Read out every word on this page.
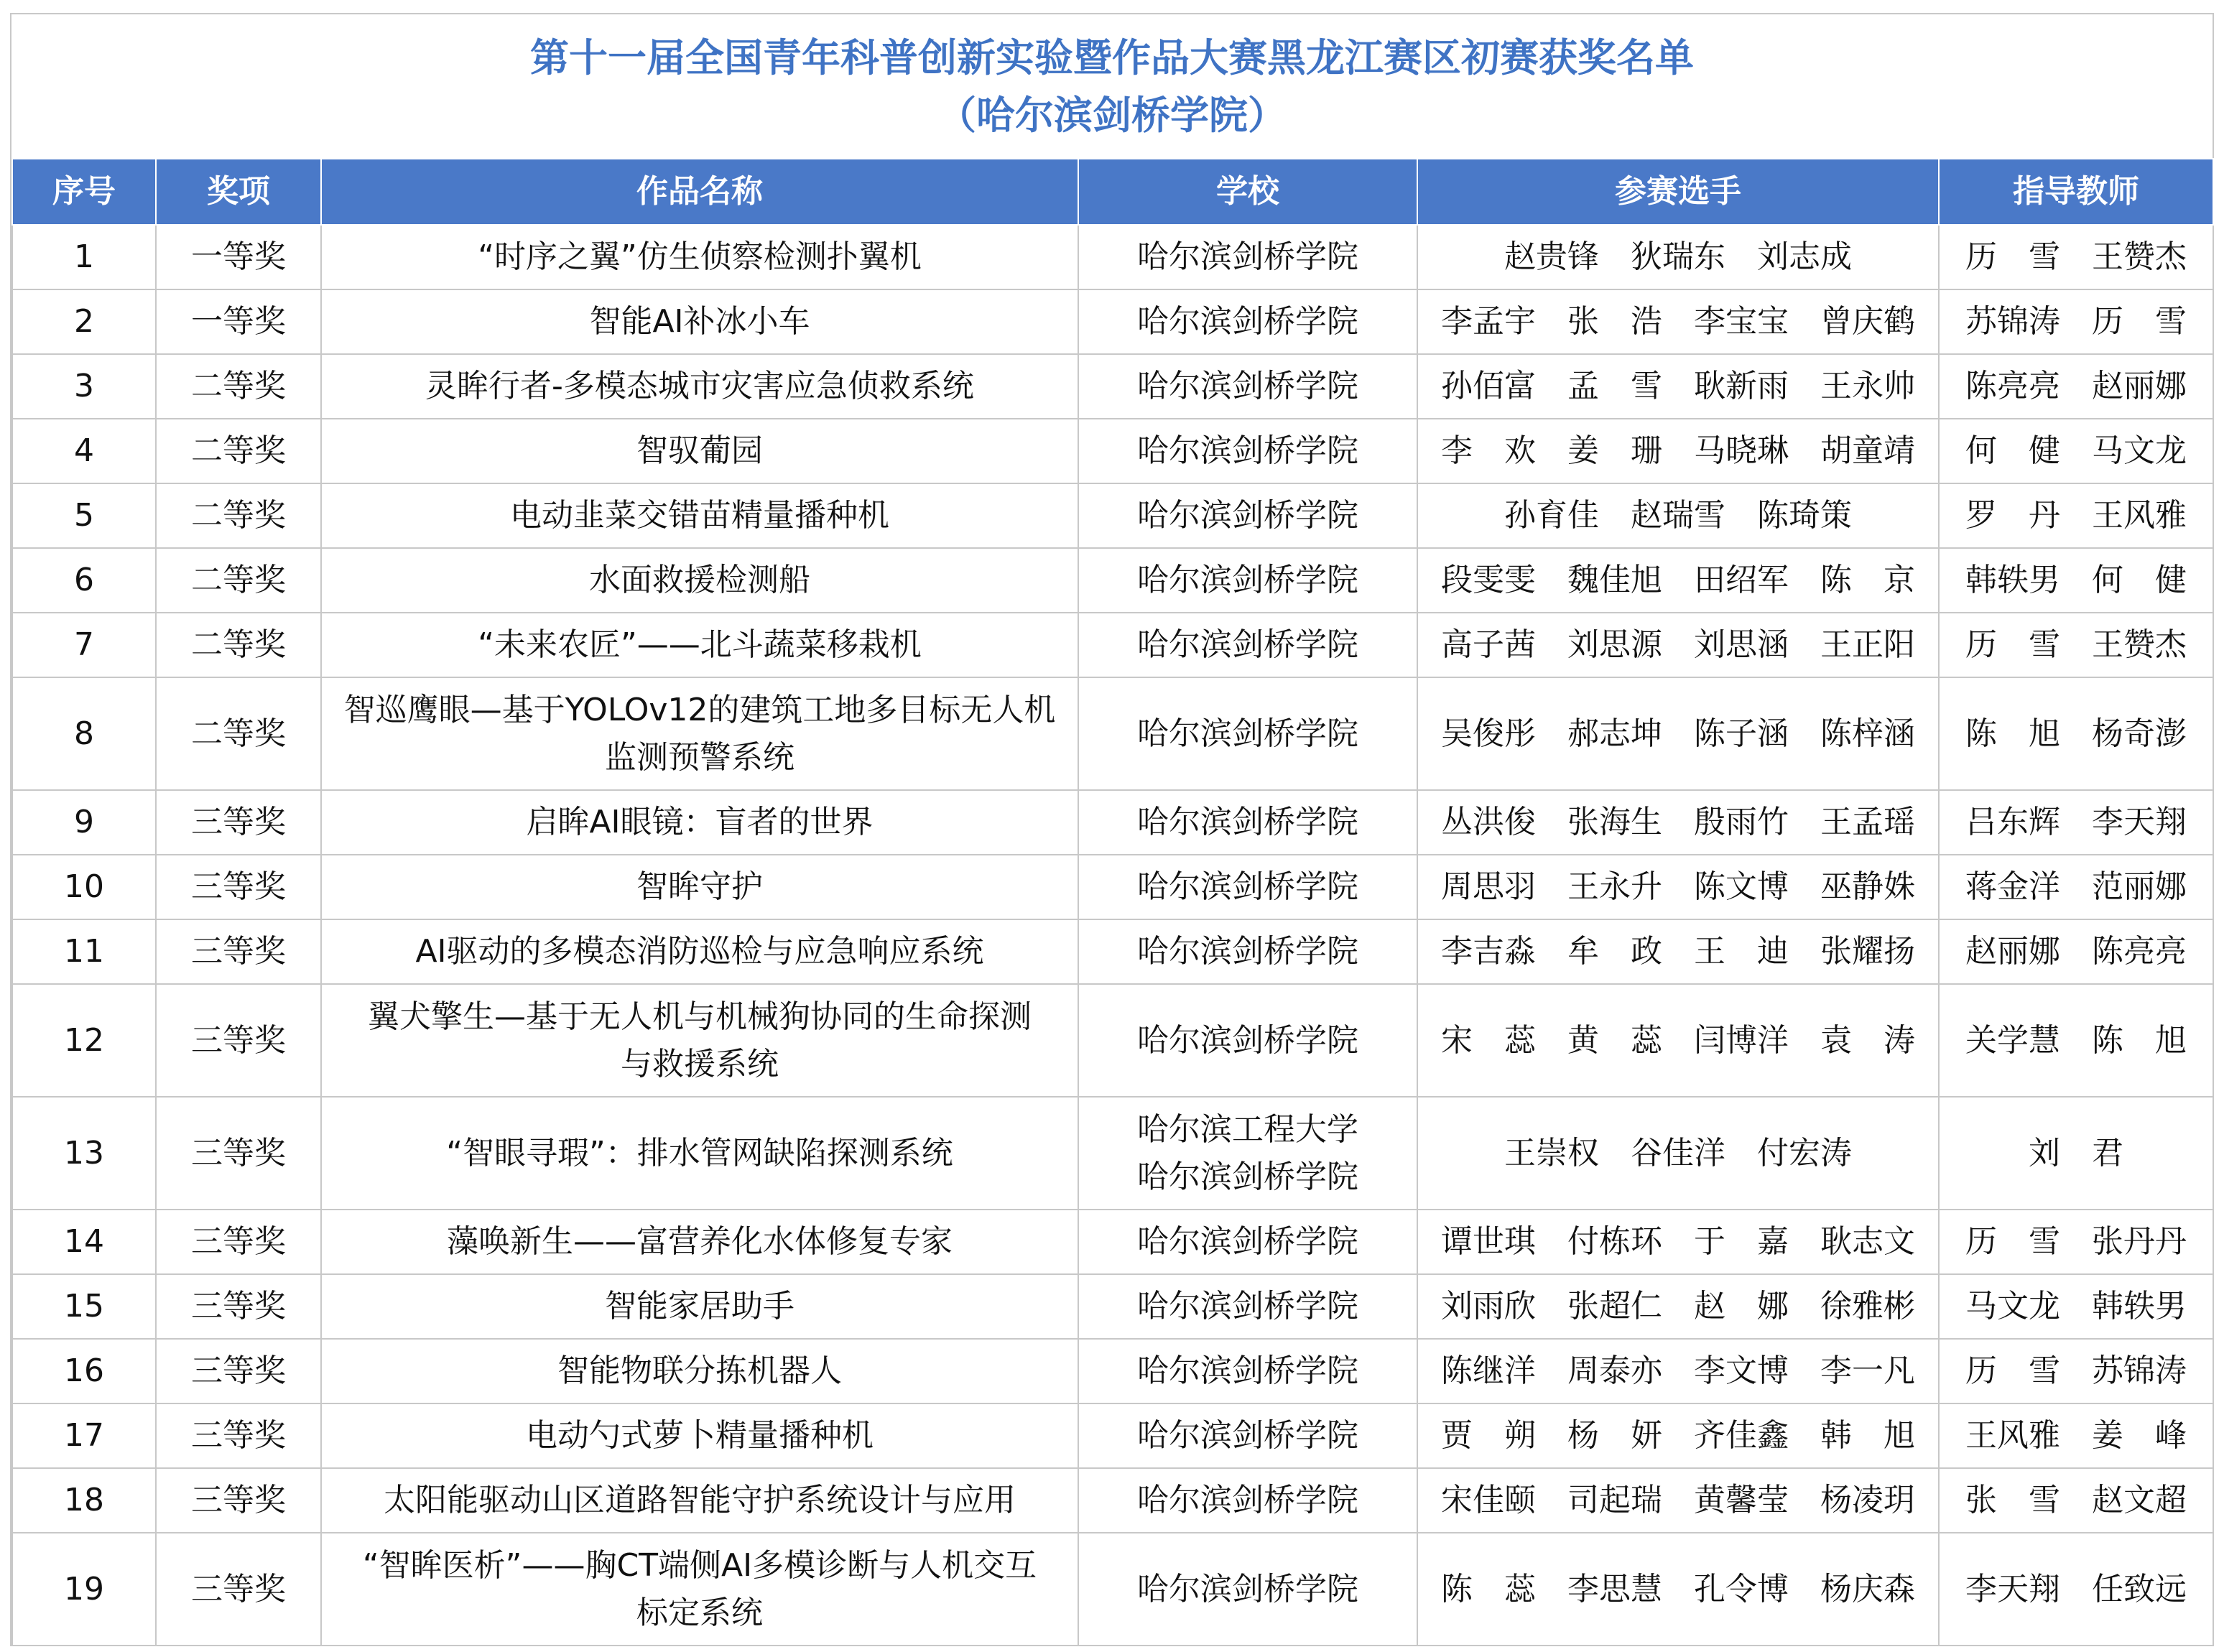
第十一届全国青年科普创新实验暨作品大赛黑龙江赛区初赛获奖名单
（哈尔滨剑桥学院）
序号	奖项	作品名称	学校	参赛选手	指导教师
1	一等奖	“时序之翼”仿生侦察检测扑翼机	哈尔滨剑桥学院	赵贵锋　狄瑞东　刘志成	历　雪　王赞杰
2	一等奖	智能AI补冰小车	哈尔滨剑桥学院	李孟宇　张　浩　李宝宝　曾庆鹤	苏锦涛　历　雪
3	二等奖	灵眸行者-多模态城市灾害应急侦救系统	哈尔滨剑桥学院	孙佰富　孟　雪　耿新雨　王永帅	陈亮亮　赵丽娜
4	二等奖	智驭葡园	哈尔滨剑桥学院	李　欢　姜　珊　马晓琳　胡童靖	何　健　马文龙
5	二等奖	电动韭菜交错苗精量播种机	哈尔滨剑桥学院	孙育佳　赵瑞雪　陈琦策	罗　丹　王风雅
6	二等奖	水面救援检测船	哈尔滨剑桥学院	段雯雯　魏佳旭　田绍军　陈　京	韩轶男　何　健
7	二等奖	“未来农匠”——北斗蔬菜移栽机	哈尔滨剑桥学院	高子茜　刘思源　刘思涵　王正阳	历　雪　王赞杰
8	二等奖	智巡鹰眼—基于YOLOv12的建筑工地多目标无人机
监测预警系统	哈尔滨剑桥学院	吴俊彤　郝志坤　陈子涵　陈梓涵	陈　旭　杨奇澎
9	三等奖	启眸AI眼镜：盲者的世界	哈尔滨剑桥学院	丛洪俊　张海生　殷雨竹　王孟瑶	吕东辉　李天翔
10	三等奖	智眸守护	哈尔滨剑桥学院	周思羽　王永升　陈文博　巫静姝	蒋金洋　范丽娜
11	三等奖	AI驱动的多模态消防巡检与应急响应系统	哈尔滨剑桥学院	李吉淼　牟　政　王　迪　张耀扬	赵丽娜　陈亮亮
12	三等奖	翼犬擎生—基于无人机与机械狗协同的生命探测
与救援系统	哈尔滨剑桥学院	宋　蕊　黄　蕊　闫博洋　袁　涛	关学慧　陈　旭
13	三等奖	“智眼寻瑕”：排水管网缺陷探测系统	哈尔滨工程大学
哈尔滨剑桥学院	王崇权　谷佳洋　付宏涛	刘　君
14	三等奖	藻唤新生——富营养化水体修复专家	哈尔滨剑桥学院	谭世琪　付栋环　于　嘉　耿志文	历　雪　张丹丹
15	三等奖	智能家居助手	哈尔滨剑桥学院	刘雨欣　张超仁　赵　娜　徐雅彬	马文龙　韩轶男
16	三等奖	智能物联分拣机器人	哈尔滨剑桥学院	陈继洋　周泰亦　李文博　李一凡	历　雪　苏锦涛
17	三等奖	电动勺式萝卜精量播种机	哈尔滨剑桥学院	贾　朔　杨　妍　齐佳鑫　韩　旭	王风雅　姜　峰
18	三等奖	太阳能驱动山区道路智能守护系统设计与应用	哈尔滨剑桥学院	宋佳颐　司起瑞　黄馨莹　杨凌玥	张　雪　赵文超
19	三等奖	“智眸医析”——胸CT端侧AI多模诊断与人机交互
标定系统	哈尔滨剑桥学院	陈　蕊　李思慧　孔令博　杨庆森	李天翔　任致远
